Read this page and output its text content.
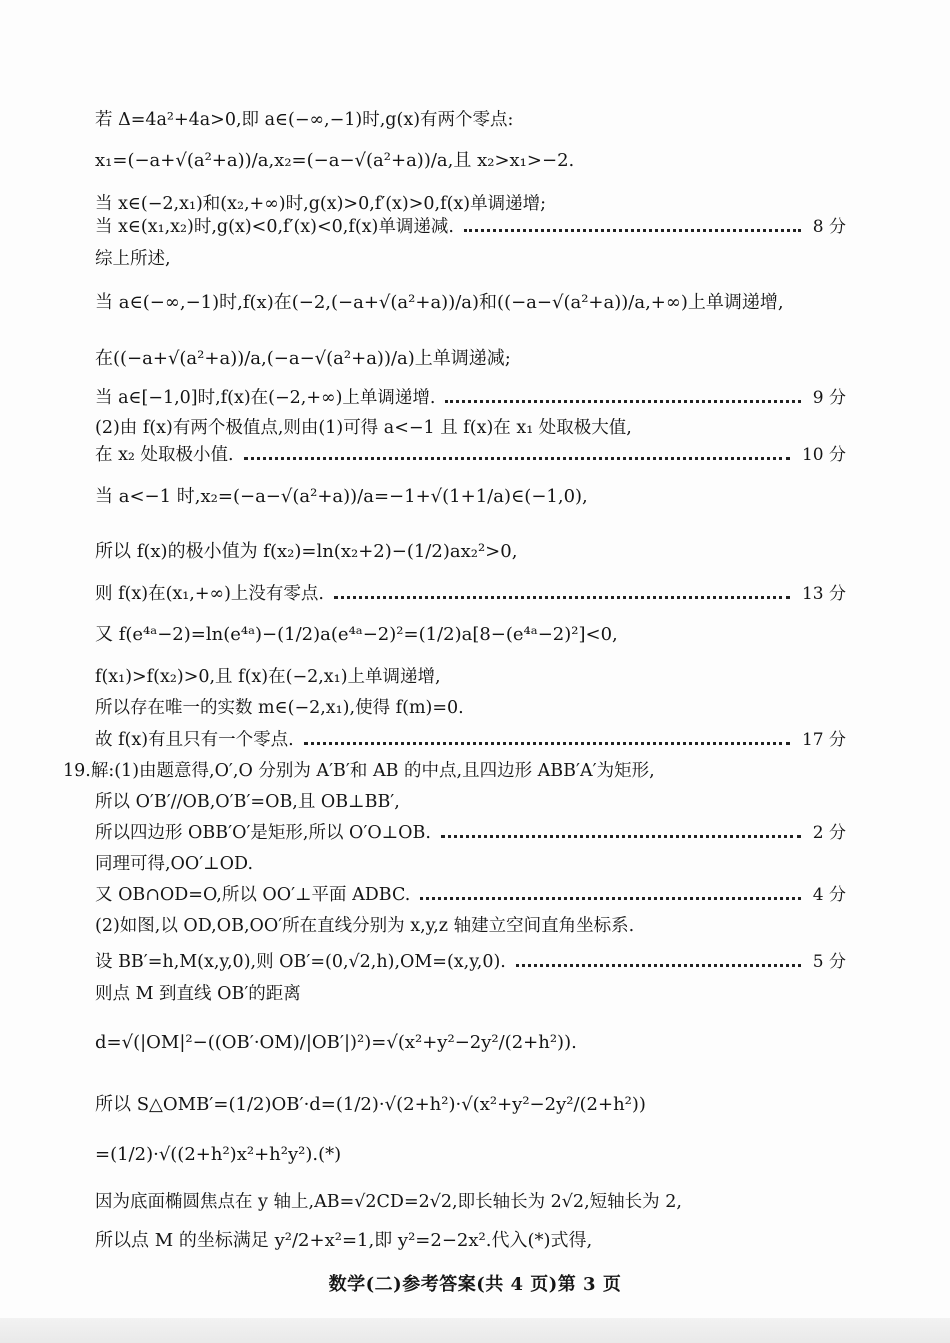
若 Δ=4a²+4a>0,即 a∈(−∞,−1)时,g(x)有两个零点:
x₁=(−a+√(a²+a))/a,x₂=(−a−√(a²+a))/a,且 x₂>x₁>−2.
当 x∈(−2,x₁)和(x₂,+∞)时,g(x)>0,f′(x)>0,f(x)单调递增;
当 x∈(x₁,x₂)时,g(x)<0,f′(x)<0,f(x)单调递减.	8 分
综上所述,
当 a∈(−∞,−1)时,f(x)在(−2,(−a+√(a²+a))/a)和((−a−√(a²+a))/a,+∞)上单调递增,
在((−a+√(a²+a))/a,(−a−√(a²+a))/a)上单调递减;
当 a∈[−1,0]时,f(x)在(−2,+∞)上单调递增.	9 分
(2)由 f(x)有两个极值点,则由(1)可得 a<−1 且 f(x)在 x₁ 处取极大值,
在 x₂ 处取极小值.	10 分
当 a<−1 时,x₂=(−a−√(a²+a))/a=−1+√(1+1/a)∈(−1,0),
所以 f(x)的极小值为 f(x₂)=ln(x₂+2)−(1/2)ax₂²>0,
则 f(x)在(x₁,+∞)上没有零点.	13 分
又 f(e⁴ᵃ−2)=ln(e⁴ᵃ)−(1/2)a(e⁴ᵃ−2)²=(1/2)a[8−(e⁴ᵃ−2)²]<0,
f(x₁)>f(x₂)>0,且 f(x)在(−2,x₁)上单调递增,
所以存在唯一的实数 m∈(−2,x₁),使得 f(m)=0.
故 f(x)有且只有一个零点.	17 分
19.解:(1)由题意得,O′,O 分别为 A′B′和 AB 的中点,且四边形 ABB′A′为矩形,
所以 O′B′//OB,O′B′=OB,且 OB⊥BB′,
所以四边形 OBB′O′是矩形,所以 O′O⊥OB.	2 分
同理可得,OO′⊥OD.
又 OB∩OD=O,所以 OO′⊥平面 ADBC.	4 分
(2)如图,以 OD,OB,OO′所在直线分别为 x,y,z 轴建立空间直角坐标系.
设 BB′=h,M(x,y,0),则 OB′=(0,√2,h),OM=(x,y,0).	5 分
则点 M 到直线 OB′的距离
d=√(|OM|²−((OB′·OM)/|OB′|)²)=√(x²+y²−2y²/(2+h²)).
所以 S△OMB′=(1/2)OB′·d=(1/2)·√(2+h²)·√(x²+y²−2y²/(2+h²))
=(1/2)·√((2+h²)x²+h²y²).(*)
因为底面椭圆焦点在 y 轴上,AB=√2CD=2√2,即长轴长为 2√2,短轴长为 2,
所以点 M 的坐标满足 y²/2+x²=1,即 y²=2−2x².代入(*)式得,
数学(二)参考答案(共 4 页)第 3 页
